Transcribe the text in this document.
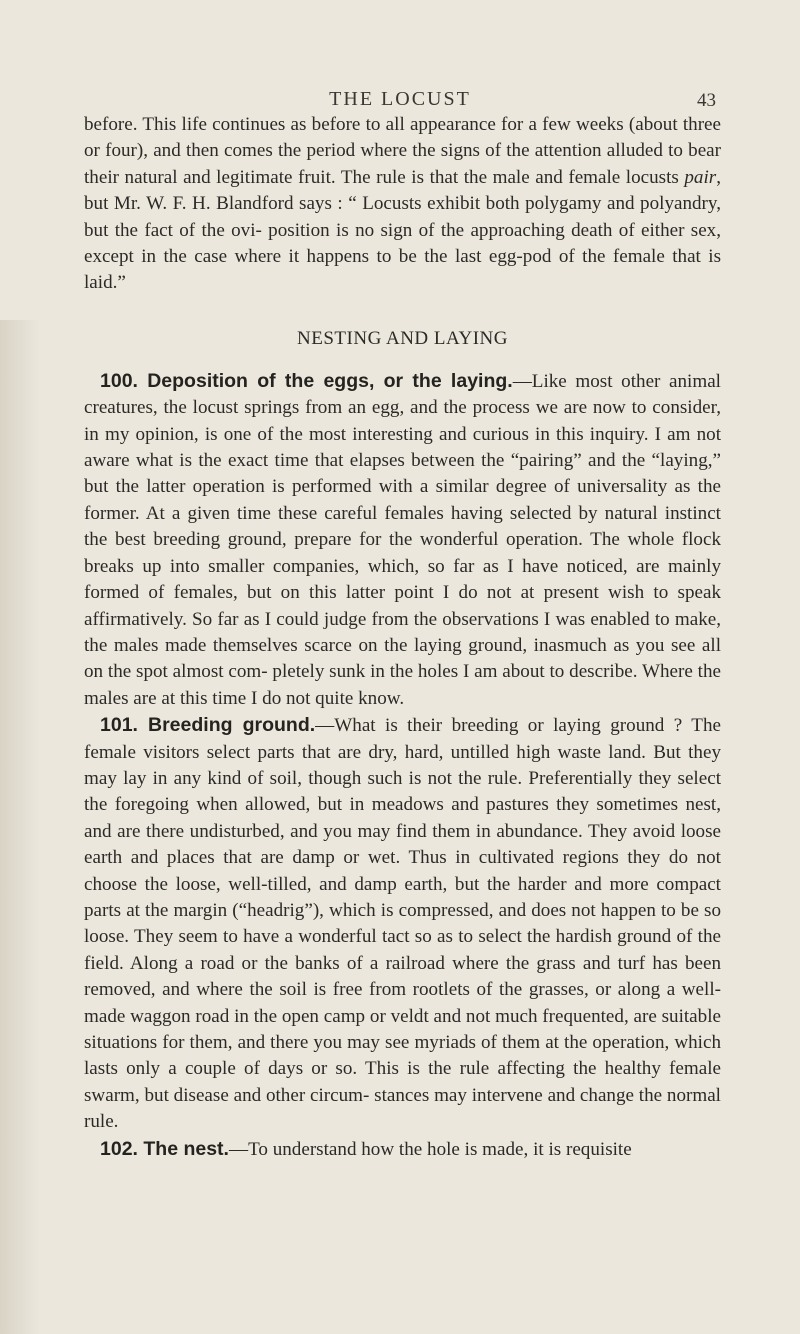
THE LOCUST	43

before. This life continues as before to all appearance for a few weeks (about three or four), and then comes the period where the signs of the attention alluded to bear their natural and legitimate fruit. The rule is that the male and female locusts pair, but Mr. W. F. H. Blandford says : “ Locusts exhibit both polygamy and polyandry, but the fact of the ovi- position is no sign of the approaching death of either sex, except in the case where it happens to be the last egg-pod of the female that is laid.”

NESTING AND LAYING

100. Deposition of the eggs, or the laying.—Like most other animal creatures, the locust springs from an egg, and the process we are now to consider, in my opinion, is one of the most interesting and curious in this inquiry. I am not aware what is the exact time that elapses between the “pairing” and the “laying,” but the latter operation is performed with a similar degree of universality as the former. At a given time these careful females having selected by natural instinct the best breeding ground, prepare for the wonderful operation. The whole flock breaks up into smaller companies, which, so far as I have noticed, are mainly formed of females, but on this latter point I do not at present wish to speak affirmatively. So far as I could judge from the observations I was enabled to make, the males made themselves scarce on the laying ground, inasmuch as you see all on the spot almost com- pletely sunk in the holes I am about to describe. Where the males are at this time I do not quite know.

101. Breeding ground.—What is their breeding or laying ground ? The female visitors select parts that are dry, hard, untilled high waste land. But they may lay in any kind of soil, though such is not the rule. Preferentially they select the foregoing when allowed, but in meadows and pastures they sometimes nest, and are there undisturbed, and you may find them in abundance. They avoid loose earth and places that are damp or wet. Thus in cultivated regions they do not choose the loose, well-tilled, and damp earth, but the harder and more compact parts at the margin (“headrig”), which is compressed, and does not happen to be so loose. They seem to have a wonderful tact so as to select the hardish ground of the field. Along a road or the banks of a railroad where the grass and turf has been removed, and where the soil is free from rootlets of the grasses, or along a well-made waggon road in the open camp or veldt and not much frequented, are suitable situations for them, and there you may see myriads of them at the operation, which lasts only a couple of days or so. This is the rule affecting the healthy female swarm, but disease and other circum- stances may intervene and change the normal rule.

102. The nest.—To understand how the hole is made, it is requisite
